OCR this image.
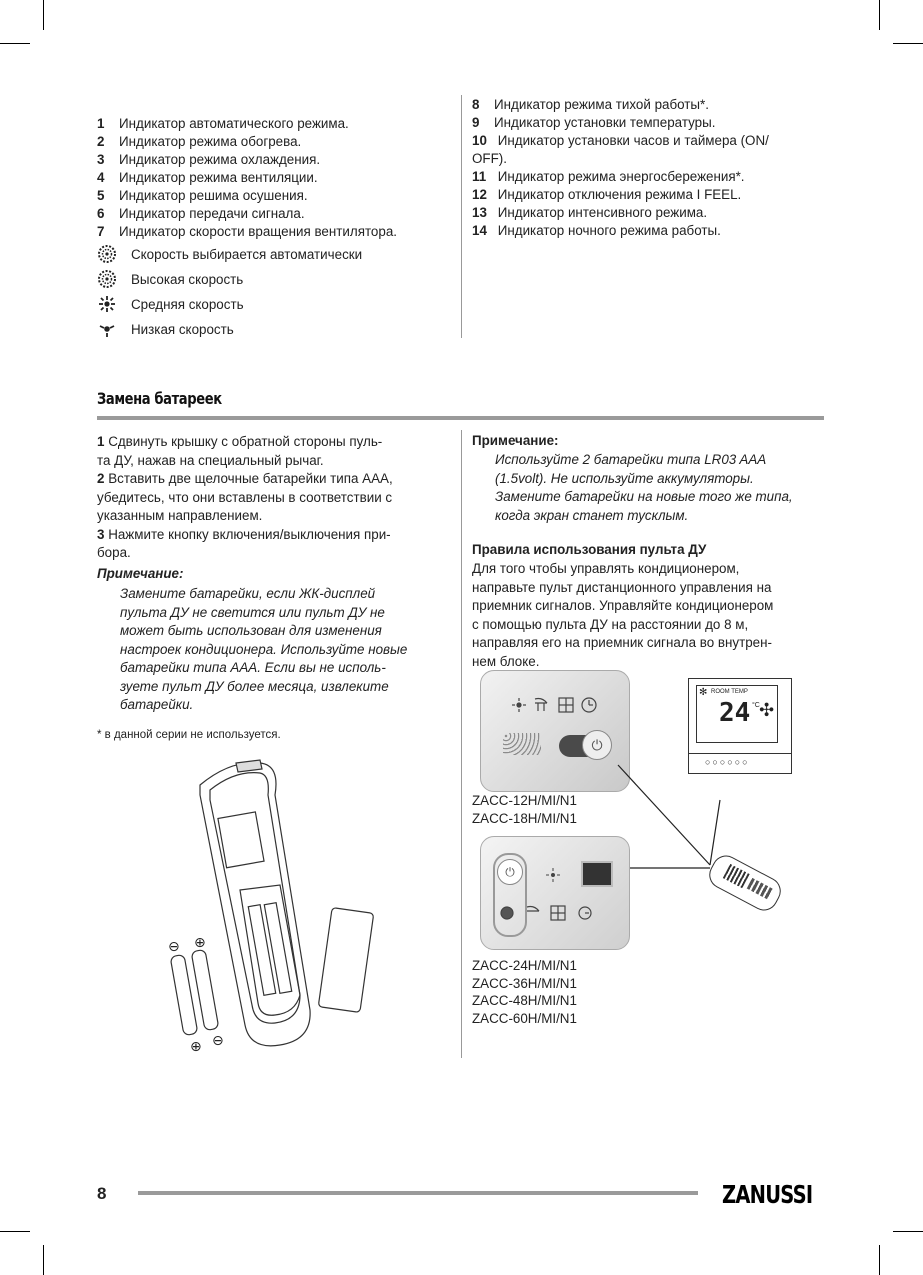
1 Индикатор автоматического режима.
2 Индикатор режима обогрева.
3 Индикатор режима охлаждения.
4 Индикатор режима вентиляции.
5 Индикатор решима осушения.
6 Индикатор передачи сигнала.
7 Индикатор скорости вращения вентилятора.
Скорость выбирается автоматически
Высокая скорость
Средняя скорость
Низкая скорость
8 Индикатор режима тихой работы*.
9 Индикатор установки температуры.
10 Индикатор установки часов и таймера (ON/
OFF).
11 Индикатор режима энергосбережения*.
12 Индикатор отключения режима I FEEL.
13 Индикатор интенсивного режима.
14 Индикатор ночного режима работы.
Замена батареек
1 Сдвинуть крышку с обратной стороны пуль-
та ДУ, нажав на специальный рычаг.
2 Вставить две щелочные батарейки типа AAA,
убедитесь, что они вставлены в соответствии с
указанным направлением.
3 Нажмите кнопку включения/выключения при-
бора.
Примечание:
Замените батарейки, если ЖК-дисплей
пульта ДУ не светится или пульт ДУ не
может быть использован для изменения
настроек кондиционера. Используйте новые
батарейки типа AAA. Если вы не исполь-
зуете пульт ДУ более месяца, извлеките
батарейки.
* в данной серии не используется.
⊖ ⊕
⊕ ⊖
Примечание:
Используйте 2 батарейки типа LR03 AAA
(1.5volt). Не используйте аккумуляторы.
Замените батарейки на новые того же типа,
когда экран станет тусклым.
Правила использования пульта ДУ
Для того чтобы управлять кондиционером,
направьте пульт дистанционного управления на
приемник сигналов. Управляйте кондиционером
с помощью пульта ДУ на расстоянии до 8 м,
направляя его на приемник сигнала во внутрен-
нем блоке.
⏻
✻ ROOM TEMP
24 °C ✣
○○○○○○
ZACC-12H/MI/N1
ZACC-18H/MI/N1
⏻
ZACC-24H/MI/N1
ZACC-36H/MI/N1
ZACC-48H/MI/N1
ZACC-60H/MI/N1
8	ZANUSSI
